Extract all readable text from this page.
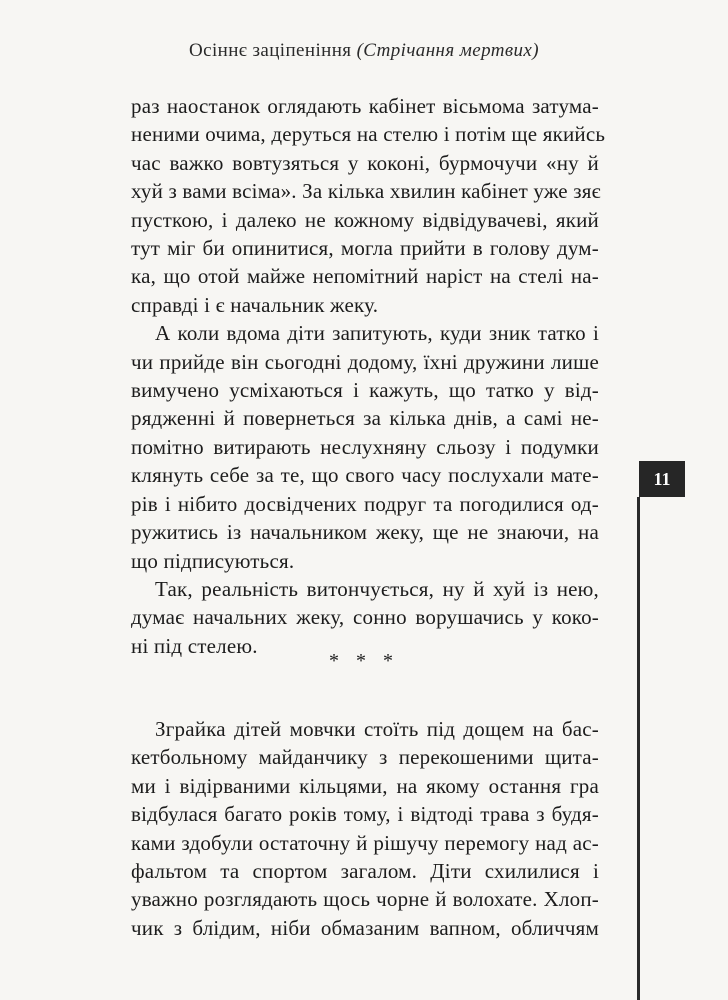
Осіннє заціпеніння (Стрічання мертвих)
раз наостанок оглядають кабінет вісьмома затума-
неними очима, деруться на стелю і потім ще якийсь
час важко вовтузяться у коконі, бурмочучи «ну й
хуй з вами всіма». За кілька хвилин кабінет уже зяє
пусткою, і далеко не кожному відвідувачеві, який
тут міг би опинитися, могла прийти в голову дум-
ка, що отой майже непомітний наріст на стелі на-
справді і є начальник жеку.
А коли вдома діти запитують, куди зник татко і
чи прийде він сьогодні додому, їхні дружини лише
вимучено усміхаються і кажуть, що татко у від-
рядженні й повернеться за кілька днів, а самі не-
помітно витирають неслухняну сльозу і подумки
клянуть себе за те, що свого часу послухали мате-
рів і нібито досвідчених подруг та погодилися од-
ружитись із начальником жеку, ще не знаючи, на
що підписуються.
Так, реальність витончується, ну й хуй із нею,
думає начальних жеку, сонно ворушачись у коко-
ні під стелею.
* * *
Зграйка дітей мовчки стоїть під дощем на бас-
кетбольному майданчику з перекошеними щита-
ми і відірваними кільцями, на якому остання гра
відбулася багато років тому, і відтоді трава з будя-
ками здобули остаточну й рішучу перемогу над ас-
фальтом та спортом загалом. Діти схилилися і
уважно розглядають щось чорне й волохате. Хлоп-
чик з блідим, ніби обмазаним вапном, обличчям
11
